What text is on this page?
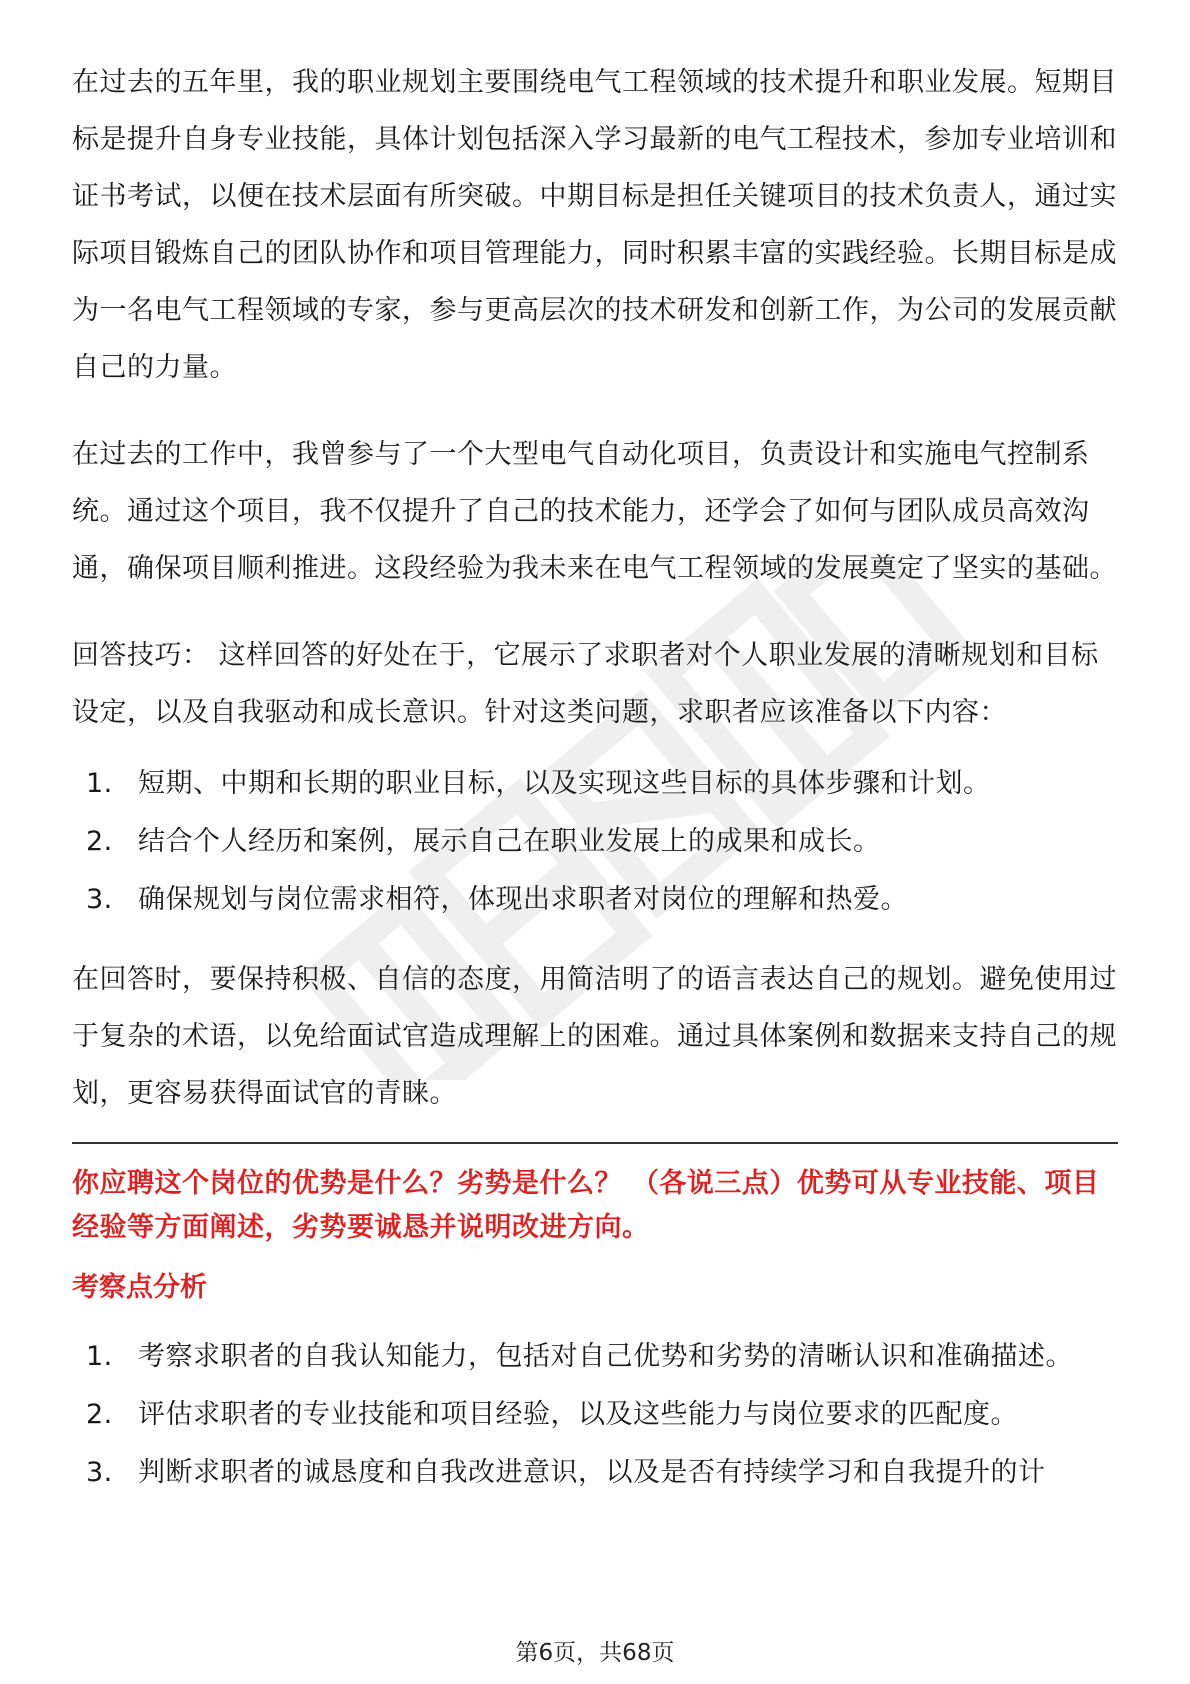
在过去的五年里，我的职业规划主要围绕电气工程领域的技术提升和职业发展。短期目标是提升自身专业技能，具体计划包括深入学习最新的电气工程技术，参加专业培训和证书考试，以便在技术层面有所突破。中期目标是担任关键项目的技术负责人，通过实际项目锻炼自己的团队协作和项目管理能力，同时积累丰富的实践经验。长期目标是成为一名电气工程领域的专家，参与更高层次的技术研发和创新工作，为公司的发展贡献自己的力量。

在过去的工作中，我曾参与了一个大型电气自动化项目，负责设计和实施电气控制系统。通过这个项目，我不仅提升了自己的技术能力，还学会了如何与团队成员高效沟通，确保项目顺利推进。这段经验为我未来在电气工程领域的发展奠定了坚实的基础。

回答技巧： 这样回答的好处在于，它展示了求职者对个人职业发展的清晰规划和目标设定，以及自我驱动和成长意识。针对这类问题，求职者应该准备以下内容：

1. 短期、中期和长期的职业目标，以及实现这些目标的具体步骤和计划。
2. 结合个人经历和案例，展示自己在职业发展上的成果和成长。
3. 确保规划与岗位需求相符，体现出求职者对岗位的理解和热爱。

在回答时，要保持积极、自信的态度，用简洁明了的语言表达自己的规划。避免使用过于复杂的术语，以免给面试官造成理解上的困难。通过具体案例和数据来支持自己的规划，更容易获得面试官的青睐。

你应聘这个岗位的优势是什么？劣势是什么？ （各说三点）优势可从专业技能、项目经验等方面阐述，劣势要诚恳并说明改进方向。

考察点分析

1. 考察求职者的自我认知能力，包括对自己优势和劣势的清晰认识和准确描述。
2. 评估求职者的专业技能和项目经验，以及这些能力与岗位要求的匹配度。
3. 判断求职者的诚恳度和自我改进意识，以及是否有持续学习和自我提升的计
第6页，共68页
